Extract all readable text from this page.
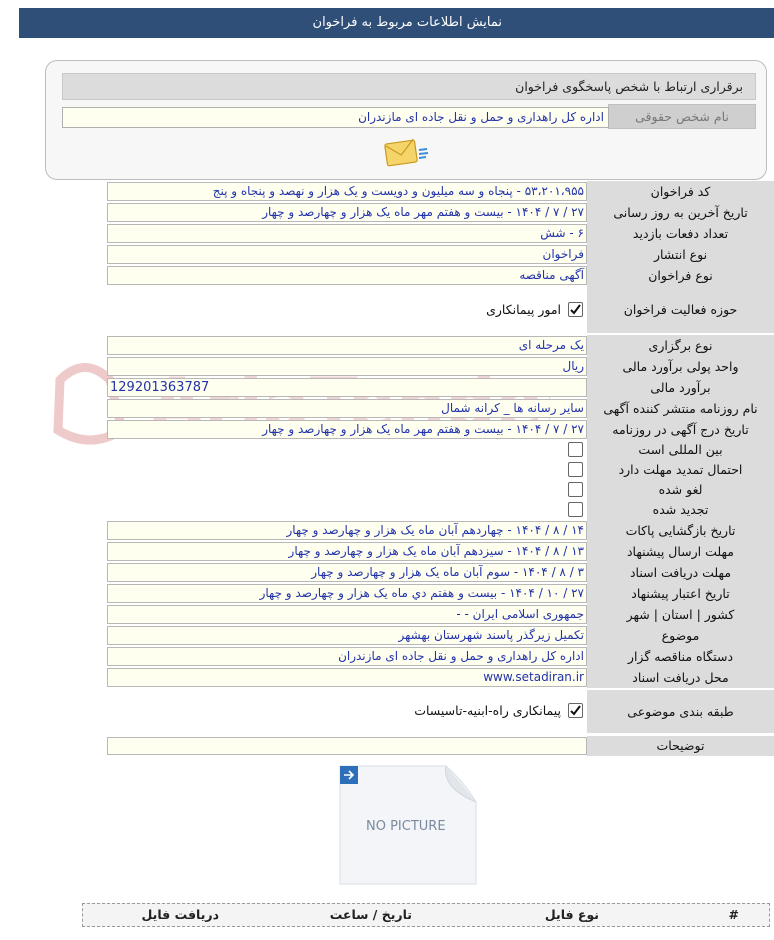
نمایش اطلاعات مربوط به فراخوان
برقراری ارتباط با شخص پاسخگوی فراخوان
نام شخص حقوقی
اداره کل راهداری و حمل و نقل جاده ای مازندران
کد فراخوان
۵۳،۲۰۱،۹۵۵ - پنجاه و سه میلیون و دویست و یک هزار و نهصد و پنجاه و پنج
تاریخ آخرین به روز رسانی
۲۷ / ۷ / ۱۴۰۴ - بیست و هفتم مهر ماه یک هزار و چهارصد و چهار
تعداد دفعات بازدید
۶ - شش
نوع انتشار
فراخوان
نوع فراخوان
آگهی مناقصه
حوزه فعالیت فراخوان
امور پیمانکاری
نوع برگزاری
یک مرحله ای
واحد پولی برآورد مالی
ریال
برآورد مالی
129201363787
نام روزنامه منتشر کننده آگهی
سایر رسانه ها _ کرانه شمال
تاریخ درج آگهی در روزنامه
۲۷ / ۷ / ۱۴۰۴ - بیست و هفتم مهر ماه یک هزار و چهارصد و چهار
بین المللی است
احتمال تمدید مهلت دارد
لغو شده
تجدید شده
تاریخ بازگشایی پاکات
۱۴ / ۸ / ۱۴۰۴ - چهاردهم آبان ماه یک هزار و چهارصد و چهار
مهلت ارسال پیشنهاد
۱۳ / ۸ / ۱۴۰۴ - سیزدهم آبان ماه یک هزار و چهارصد و چهار
مهلت دریافت اسناد
۳ / ۸ / ۱۴۰۴ - سوم آبان ماه یک هزار و چهارصد و چهار
تاریخ اعتبار پیشنهاد
۲۷ / ۱۰ / ۱۴۰۴ - بیست و هفتم دي ماه یک هزار و چهارصد و چهار
کشور | استان | شهر
جمهوری اسلامی ایران - -
موضوع
تکمیل زیرگذر پاسند شهرستان بهشهر
دستگاه مناقصه گزار
اداره کل راهداری و حمل و نقل جاده ای مازندران
محل دریافت اسناد
www.setadiran.ir
طبقه بندی موضوعی
پیمانکاری راه-ابنیه-تاسیسات
توضیحات
NO PICTURE
#
نوع فایل
تاریخ / ساعت
دریافت فایل
